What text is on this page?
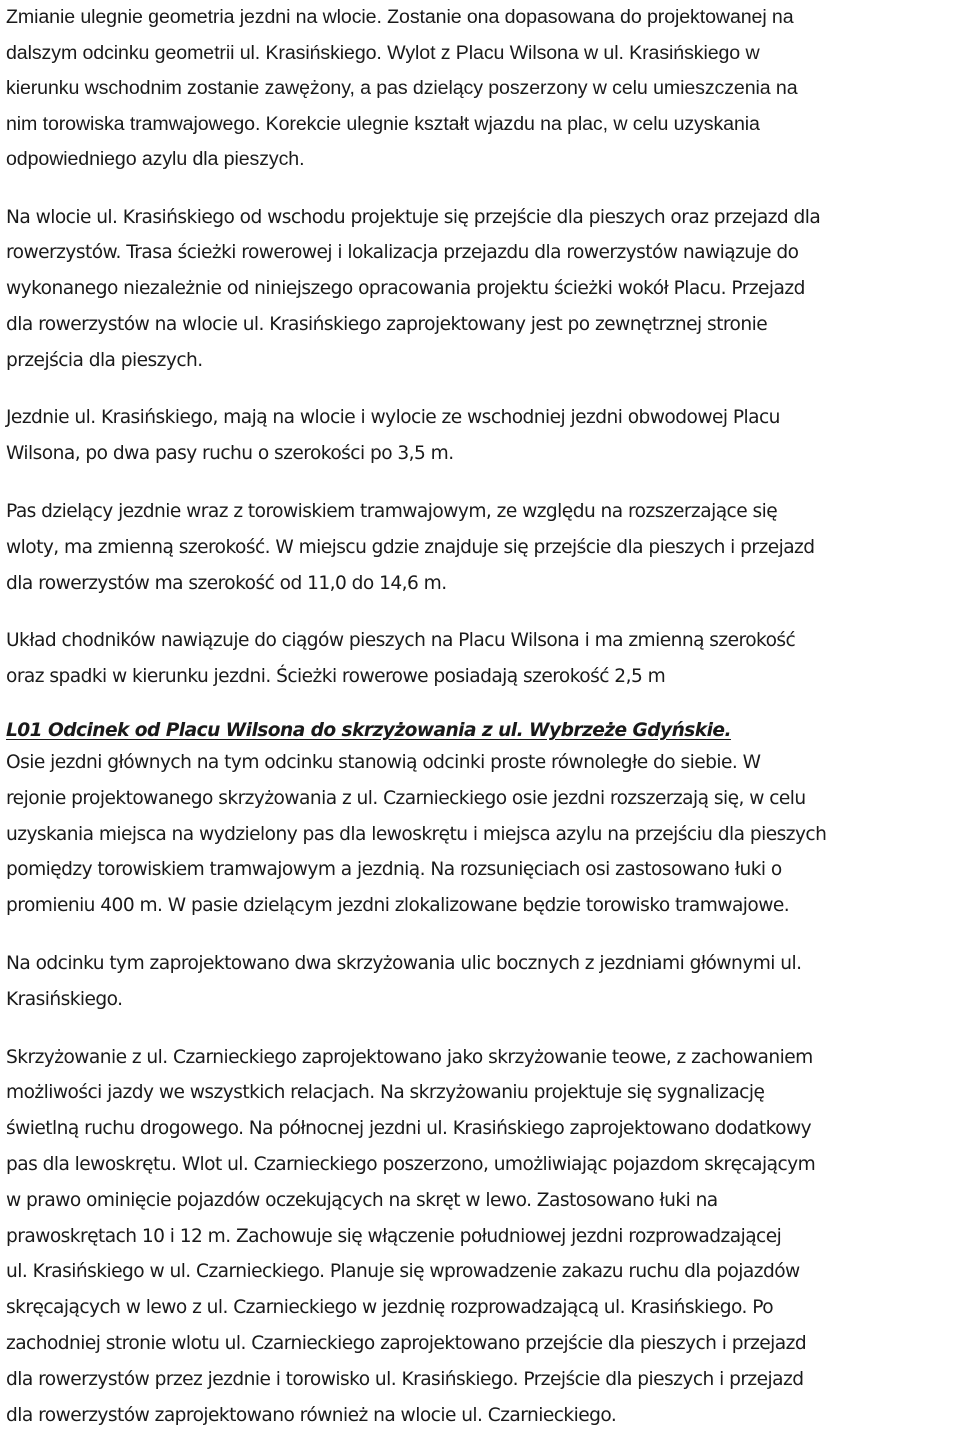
Zmianie ulegnie geometria jezdni na wlocie. Zostanie ona dopasowana do projektowanej na
dalszym odcinku geometrii ul. Krasińskiego. Wylot z Placu Wilsona w ul. Krasińskiego w
kierunku wschodnim zostanie zawężony, a pas dzielący poszerzony w celu umieszczenia na
nim torowiska tramwajowego. Korekcie ulegnie kształt wjazdu na plac, w celu uzyskania
odpowiedniego azylu dla pieszych.
Na wlocie ul. Krasińskiego od wschodu projektuje się przejście dla pieszych oraz przejazd dla
rowerzystów. Trasa ścieżki rowerowej i lokalizacja przejazdu dla rowerzystów nawiązuje do
wykonanego niezależnie od niniejszego opracowania projektu ścieżki wokół Placu. Przejazd
dla rowerzystów na wlocie ul. Krasińskiego zaprojektowany jest po zewnętrznej stronie
przejścia dla pieszych.
Jezdnie ul. Krasińskiego, mają na wlocie i wylocie ze wschodniej jezdni obwodowej Placu
Wilsona, po dwa pasy ruchu o szerokości po 3,5 m.
Pas dzielący jezdnie wraz z torowiskiem tramwajowym, ze względu na rozszerzające się
wloty, ma zmienną szerokość. W miejscu gdzie znajduje się przejście dla pieszych i przejazd
dla rowerzystów ma szerokość od 11,0 do 14,6 m.
Układ chodników nawiązuje do ciągów pieszych na Placu Wilsona i ma zmienną szerokość
oraz spadki w kierunku jezdni. Ścieżki rowerowe posiadają szerokość 2,5 m

L01 Odcinek od Placu Wilsona do skrzyżowania z ul. Wybrzeże Gdyńskie.

Osie jezdni głównych na tym odcinku stanowią odcinki proste równoległe do siebie. W
rejonie projektowanego skrzyżowania z ul. Czarnieckiego osie jezdni rozszerzają się, w celu
uzyskania miejsca na wydzielony pas dla lewoskrętu i miejsca azylu na przejściu dla pieszych
pomiędzy torowiskiem tramwajowym a jezdnią. Na rozsunięciach osi zastosowano łuki o
promieniu 400 m. W pasie dzielącym jezdni zlokalizowane będzie torowisko tramwajowe.
Na odcinku tym zaprojektowano dwa skrzyżowania ulic bocznych z jezdniami głównymi ul.
Krasińskiego.
Skrzyżowanie z ul. Czarnieckiego zaprojektowano jako skrzyżowanie teowe, z zachowaniem
możliwości jazdy we wszystkich relacjach. Na skrzyżowaniu projektuje się sygnalizację
świetlną ruchu drogowego. Na północnej jezdni ul. Krasińskiego zaprojektowano dodatkowy
pas dla lewoskrętu. Wlot ul. Czarnieckiego poszerzono, umożliwiając pojazdom skręcającym
w prawo ominięcie pojazdów oczekujących na skręt w lewo. Zastosowano łuki na
prawoskrętach 10 i 12 m. Zachowuje się włączenie południowej jezdni rozprowadzającej
ul. Krasińskiego w ul. Czarnieckiego. Planuje się wprowadzenie zakazu ruchu dla pojazdów
skręcających w lewo z ul. Czarnieckiego w jezdnię rozprowadzającą ul. Krasińskiego. Po
zachodniej stronie wlotu ul. Czarnieckiego zaprojektowano przejście dla pieszych i przejazd
dla rowerzystów przez jezdnie i torowisko ul. Krasińskiego. Przejście dla pieszych i przejazd
dla rowerzystów zaprojektowano również na wlocie ul. Czarnieckiego.
